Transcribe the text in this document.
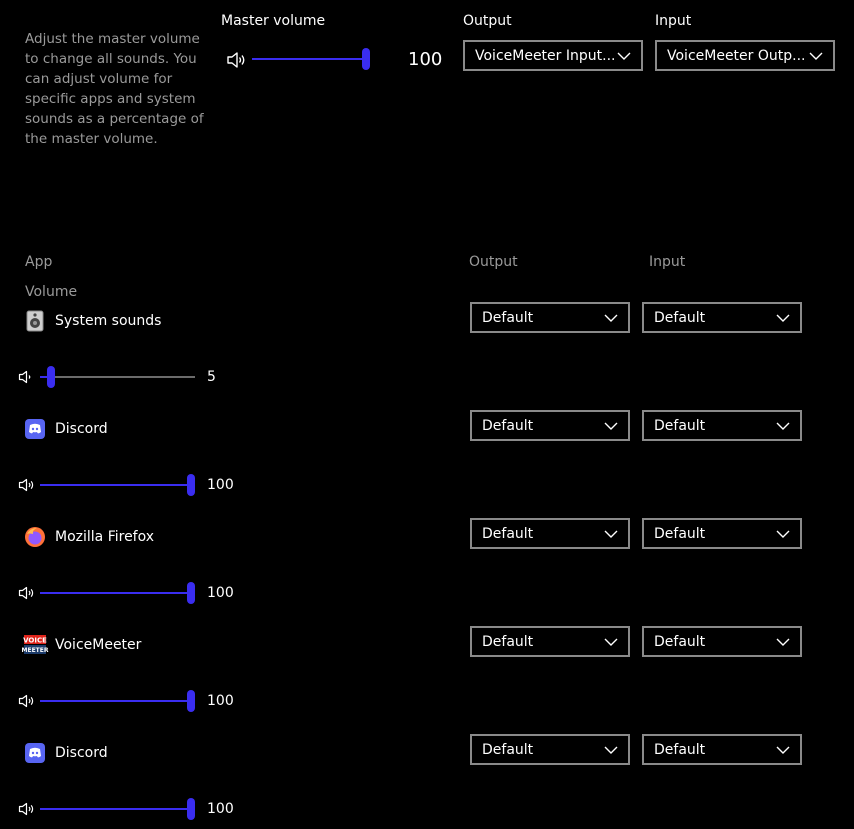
Adjust the master volume to change all sounds. You can adjust volume for specific apps and system sounds as a percentage of the master volume.
Master volume
100
Output
VoiceMeeter Input...
Input
VoiceMeeter Outp...
App	Output	Input
Volume
System sounds	Default	Default
5
Discord	Default	Default
100
Mozilla Firefox	Default	Default
100
VOICE
MEETER VoiceMeeter	Default	Default
100
Discord	Default	Default
100
